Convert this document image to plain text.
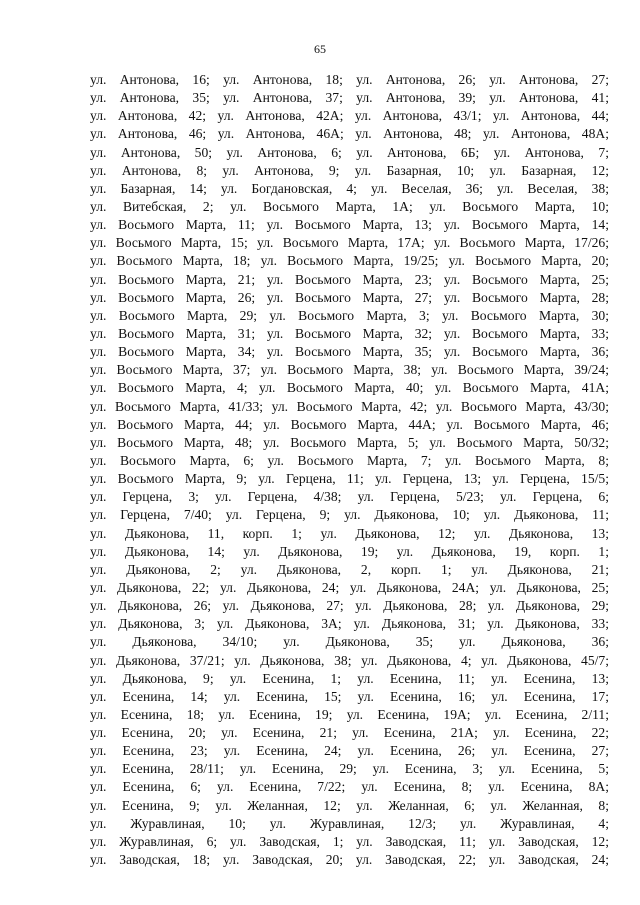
65
ул. Антонова, 16; ул. Антонова, 18; ул. Антонова, 26; ул. Антонова, 27;
ул. Антонова, 35; ул. Антонова, 37; ул. Антонова, 39; ул. Антонова, 41;
ул. Антонова, 42; ул. Антонова, 42А; ул. Антонова, 43/1; ул. Антонова, 44;
ул. Антонова, 46; ул. Антонова, 46А; ул. Антонова, 48; ул. Антонова, 48А;
ул. Антонова, 50; ул. Антонова, 6; ул. Антонова, 6Б; ул. Антонова, 7;
ул. Антонова, 8; ул. Антонова, 9; ул. Базарная, 10; ул. Базарная, 12;
ул. Базарная, 14; ул. Богдановская, 4; ул. Веселая, 36; ул. Веселая, 38;
ул. Витебская, 2; ул. Восьмого Марта, 1А; ул. Восьмого Марта, 10;
ул. Восьмого Марта, 11; ул. Восьмого Марта, 13; ул. Восьмого Марта, 14;
ул. Восьмого Марта, 15; ул. Восьмого Марта, 17А; ул. Восьмого Марта, 17/26;
ул. Восьмого Марта, 18; ул. Восьмого Марта, 19/25; ул. Восьмого Марта, 20;
ул. Восьмого Марта, 21; ул. Восьмого Марта, 23; ул. Восьмого Марта, 25;
ул. Восьмого Марта, 26; ул. Восьмого Марта, 27; ул. Восьмого Марта, 28;
ул. Восьмого Марта, 29; ул. Восьмого Марта, 3; ул. Восьмого Марта, 30;
ул. Восьмого Марта, 31; ул. Восьмого Марта, 32; ул. Восьмого Марта, 33;
ул. Восьмого Марта, 34; ул. Восьмого Марта, 35; ул. Восьмого Марта, 36;
ул. Восьмого Марта, 37; ул. Восьмого Марта, 38; ул. Восьмого Марта, 39/24;
ул. Восьмого Марта, 4; ул. Восьмого Марта, 40; ул. Восьмого Марта, 41А;
ул. Восьмого Марта, 41/33; ул. Восьмого Марта, 42; ул. Восьмого Марта, 43/30;
ул. Восьмого Марта, 44; ул. Восьмого Марта, 44А; ул. Восьмого Марта, 46;
ул. Восьмого Марта, 48; ул. Восьмого Марта, 5; ул. Восьмого Марта, 50/32;
ул. Восьмого Марта, 6; ул. Восьмого Марта, 7; ул. Восьмого Марта, 8;
ул. Восьмого Марта, 9; ул. Герцена, 11; ул. Герцена, 13; ул. Герцена, 15/5;
ул. Герцена, 3; ул. Герцена, 4/38; ул. Герцена, 5/23; ул. Герцена, 6;
ул. Герцена, 7/40; ул. Герцена, 9; ул. Дьяконова, 10; ул. Дьяконова, 11;
ул. Дьяконова, 11, корп. 1; ул. Дьяконова, 12; ул. Дьяконова, 13;
ул. Дьяконова, 14; ул. Дьяконова, 19; ул. Дьяконова, 19, корп. 1;
ул. Дьяконова, 2; ул. Дьяконова, 2, корп. 1; ул. Дьяконова, 21;
ул. Дьяконова, 22; ул. Дьяконова, 24; ул. Дьяконова, 24А; ул. Дьяконова, 25;
ул. Дьяконова, 26; ул. Дьяконова, 27; ул. Дьяконова, 28; ул. Дьяконова, 29;
ул. Дьяконова, 3; ул. Дьяконова, 3А; ул. Дьяконова, 31; ул. Дьяконова, 33;
ул. Дьяконова, 34/10; ул. Дьяконова, 35; ул. Дьяконова, 36;
ул. Дьяконова, 37/21; ул. Дьяконова, 38; ул. Дьяконова, 4; ул. Дьяконова, 45/7;
ул. Дьяконова, 9; ул. Есенина, 1; ул. Есенина, 11; ул. Есенина, 13;
ул. Есенина, 14; ул. Есенина, 15; ул. Есенина, 16; ул. Есенина, 17;
ул. Есенина, 18; ул. Есенина, 19; ул. Есенина, 19А; ул. Есенина, 2/11;
ул. Есенина, 20; ул. Есенина, 21; ул. Есенина, 21А; ул. Есенина, 22;
ул. Есенина, 23; ул. Есенина, 24; ул. Есенина, 26; ул. Есенина, 27;
ул. Есенина, 28/11; ул. Есенина, 29; ул. Есенина, 3; ул. Есенина, 5;
ул. Есенина, 6; ул. Есенина, 7/22; ул. Есенина, 8; ул. Есенина, 8А;
ул. Есенина, 9; ул. Желанная, 12; ул. Желанная, 6; ул. Желанная, 8;
ул. Журавлиная, 10; ул. Журавлиная, 12/3; ул. Журавлиная, 4;
ул. Журавлиная, 6; ул. Заводская, 1; ул. Заводская, 11; ул. Заводская, 12;
ул. Заводская, 18; ул. Заводская, 20; ул. Заводская, 22; ул. Заводская, 24;
